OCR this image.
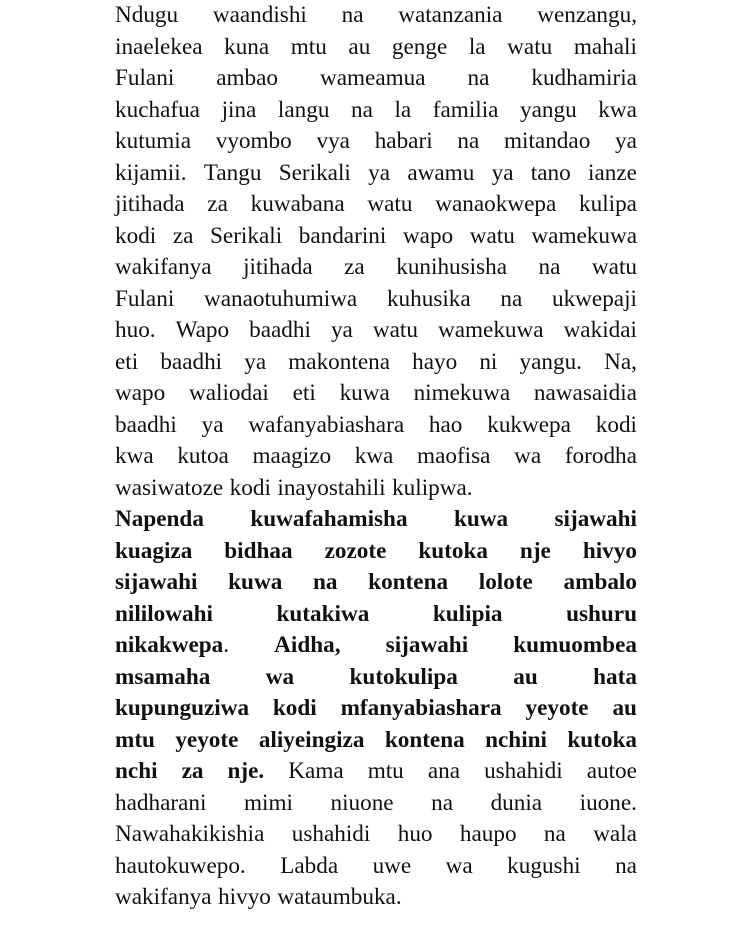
Ndugu waandishi na watanzania wenzangu,
inaelekea kuna mtu au genge la watu mahali
Fulani ambao wameamua na kudhamiria
kuchafua jina langu na la familia yangu kwa
kutumia vyombo vya habari na mitandao ya
kijamii. Tangu Serikali ya awamu ya tano ianze
jitihada za kuwabana watu wanaokwepa kulipa
kodi za Serikali bandarini wapo watu wamekuwa
wakifanya jitihada za kunihusisha na watu
Fulani wanaotuhumiwa kuhusika na ukwepaji
huo. Wapo baadhi ya watu wamekuwa wakidai
eti baadhi ya makontena hayo ni yangu. Na,
wapo waliodai eti kuwa nimekuwa nawasaidia
baadhi ya wafanyabiashara hao kukwepa kodi
kwa kutoa maagizo kwa maofisa wa forodha
wasiwatoze kodi inayostahili kulipwa.
Napenda kuwafahamisha kuwa sijawahi
kuagiza bidhaa zozote kutoka nje hivyo
sijawahi kuwa na kontena lolote ambalo
nililowahi	kutakiwa	kulipia	ushuru
nikakwepa. Aidha, sijawahi kumuombea
msamaha wa kutokulipa au hata
kupunguziwa kodi mfanyabiashara yeyote au
mtu yeyote aliyeingiza kontena nchini kutoka
nchi za nje. Kama mtu ana ushahidi autoe
hadharani mimi niuone na dunia iuone.
Nawahakikishia ushahidi huo haupo na wala
hautokuwepo. Labda uwe wa kugushi na
wakifanya hivyo wataumbuka.
